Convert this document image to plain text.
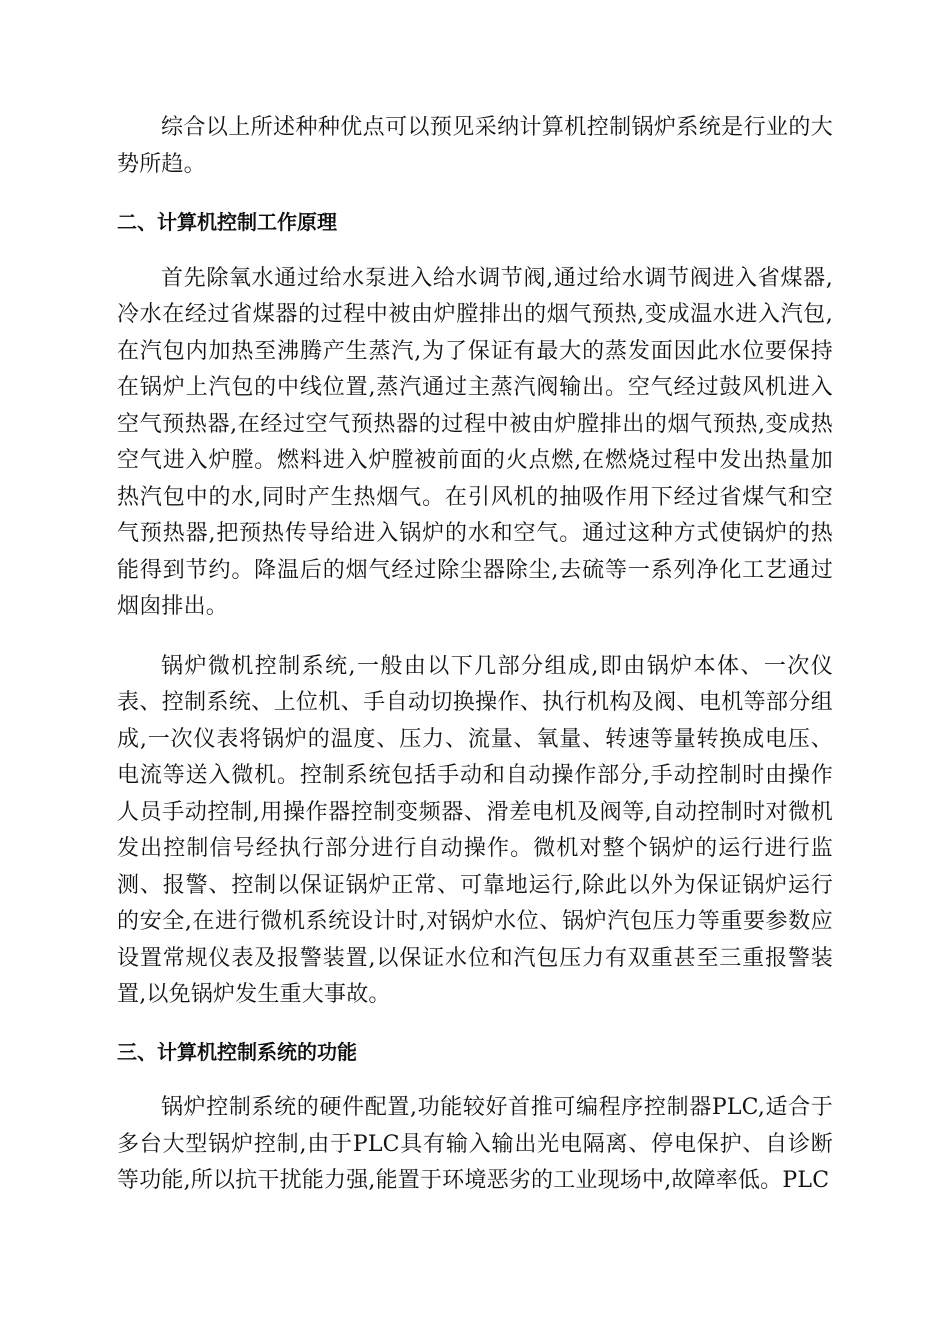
综合以上所述种种优点可以预见采纳计算机控制锅炉系统是行业的大势所趋。

二、计算机控制工作原理

首先除氧水通过给水泵进入给水调节阀,通过给水调节阀进入省煤器,冷水在经过省煤器的过程中被由炉膛排出的烟气预热,变成温水进入汽包,在汽包内加热至沸腾产生蒸汽,为了保证有最大的蒸发面因此水位要保持在锅炉上汽包的中线位置,蒸汽通过主蒸汽阀输出。空气经过鼓风机进入空气预热器,在经过空气预热器的过程中被由炉膛排出的烟气预热,变成热空气进入炉膛。燃料进入炉膛被前面的火点燃,在燃烧过程中发出热量加热汽包中的水,同时产生热烟气。在引风机的抽吸作用下经过省煤气和空气预热器,把预热传导给进入锅炉的水和空气。通过这种方式使锅炉的热能得到节约。降温后的烟气经过除尘器除尘,去硫等一系列净化工艺通过烟囱排出。

锅炉微机控制系统,一般由以下几部分组成,即由锅炉本体、一次仪表、控制系统、上位机、手自动切换操作、执行机构及阀、电机等部分组成,一次仪表将锅炉的温度、压力、流量、氧量、转速等量转换成电压、电流等送入微机。控制系统包括手动和自动操作部分,手动控制时由操作人员手动控制,用操作器控制变频器、滑差电机及阀等,自动控制时对微机发出控制信号经执行部分进行自动操作。微机对整个锅炉的运行进行监测、报警、控制以保证锅炉正常、可靠地运行,除此以外为保证锅炉运行的安全,在进行微机系统设计时,对锅炉水位、锅炉汽包压力等重要参数应设置常规仪表及报警装置,以保证水位和汽包压力有双重甚至三重报警装置,以免锅炉发生重大事故。

三、计算机控制系统的功能

锅炉控制系统的硬件配置,功能较好首推可编程序控制器PLC,适合于多台大型锅炉控制,由于PLC具有输入输出光电隔离、停电保护、自诊断等功能,所以抗干扰能力强,能置于环境恶劣的工业现场中,故障率低。PLC
